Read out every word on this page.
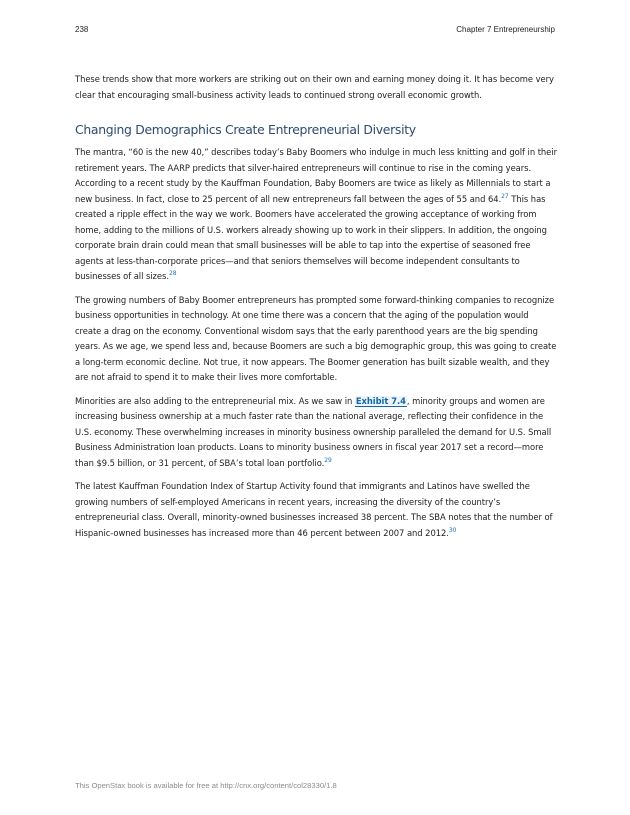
238	Chapter 7 Entrepreneurship

These trends show that more workers are striking out on their own and earning money doing it. It has become very clear that encouraging small-business activity leads to continued strong overall economic growth.

Changing Demographics Create Entrepreneurial Diversity

The mantra, “60 is the new 40,” describes today’s Baby Boomers who indulge in much less knitting and golf in their retirement years. The AARP predicts that silver-haired entrepreneurs will continue to rise in the coming years. According to a recent study by the Kauffman Foundation, Baby Boomers are twice as likely as Millennials to start a new business. In fact, close to 25 percent of all new entrepreneurs fall between the ages of 55 and 64.27 This has created a ripple effect in the way we work. Boomers have accelerated the growing acceptance of working from home, adding to the millions of U.S. workers already showing up to work in their slippers. In addition, the ongoing corporate brain drain could mean that small businesses will be able to tap into the expertise of seasoned free agents at less-than-corporate prices—and that seniors themselves will become independent consultants to businesses of all sizes.$^{28}$

The growing numbers of Baby Boomer entrepreneurs has prompted some forward-thinking companies to recognize business opportunities in technology. At one time there was a concern that the aging of the population would create a drag on the economy. Conventional wisdom says that the early parenthood years are the big spending years. As we age, we spend less and, because Boomers are such a big demographic group, this was going to create a long-term economic decline. Not true, it now appears. The Boomer generation has built sizable wealth, and they are not afraid to spend it to make their lives more comfortable.

Minorities are also adding to the entrepreneurial mix. As we saw in Exhibit 7.4, minority groups and women are increasing business ownership at a much faster rate than the national average, reflecting their confidence in the U.S. economy. These overwhelming increases in minority business ownership paralleled the demand for U.S. Small Business Administration loan products. Loans to minority business owners in fiscal year 2017 set a record—more than $9.5 billion, or 31 percent, of SBA’s total loan portfolio.$^{29}$

The latest Kauffman Foundation Index of Startup Activity found that immigrants and Latinos have swelled the growing numbers of self-employed Americans in recent years, increasing the diversity of the country’s entrepreneurial class. Overall, minority-owned businesses increased 38 percent. The SBA notes that the number of Hispanic-owned businesses has increased more than 46 percent between 2007 and 2012.30

This OpenStax book is available for free at http://cnx.org/content/col28330/1.8
